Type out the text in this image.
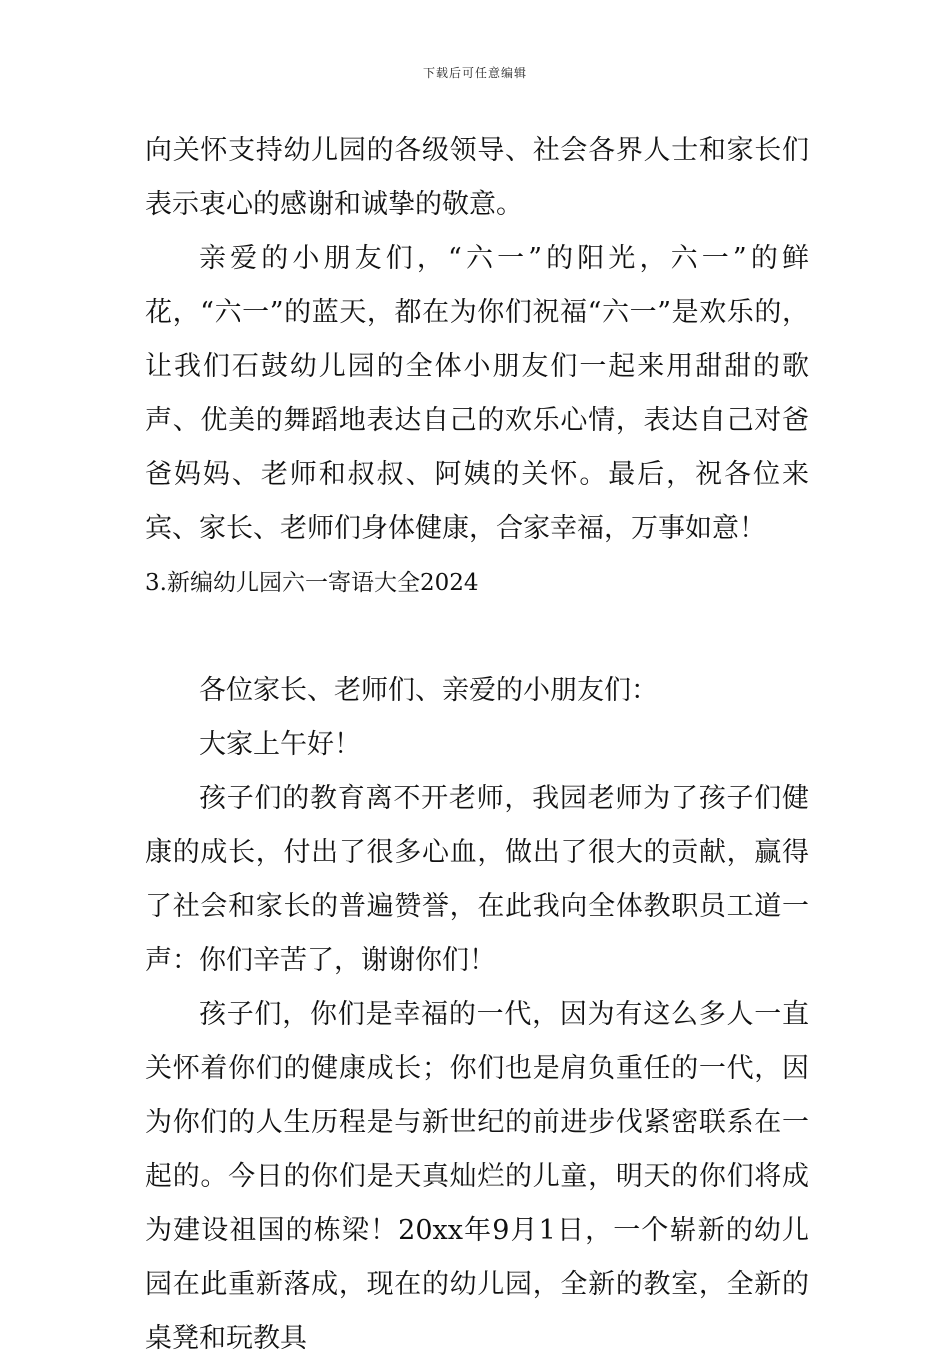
下载后可任意编辑

向关怀支持幼儿园的各级领导、社会各界人士和家长们表示衷心的感谢和诚挚的敬意。

亲爱的小朋友们，“六一”的阳光，六一”的鲜花，“六一”的蓝天，都在为你们祝福“六一”是欢乐的，让我们石鼓幼儿园的全体小朋友们一起来用甜甜的歌声、优美的舞蹈地表达自己的欢乐心情，表达自己对爸爸妈妈、老师和叔叔、阿姨的关怀。最后，祝各位来宾、家长、老师们身体健康，合家幸福，万事如意！

3.新编幼儿园六一寄语大全2024

各位家长、老师们、亲爱的小朋友们：

大家上午好！

孩子们的教育离不开老师，我园老师为了孩子们健康的成长，付出了很多心血，做出了很大的贡献，赢得了社会和家长的普遍赞誉，在此我向全体教职员工道一声：你们辛苦了，谢谢你们！

孩子们，你们是幸福的一代，因为有这么多人一直关怀着你们的健康成长；你们也是肩负重任的一代，因为你们的人生历程是与新世纪的前进步伐紧密联系在一起的。今日的你们是天真灿烂的儿童，明天的你们将成为建设祖国的栋梁！20xx年9月1日，一个崭新的幼儿园在此重新落成，现在的幼儿园，全新的教室，全新的桌凳和玩教具
